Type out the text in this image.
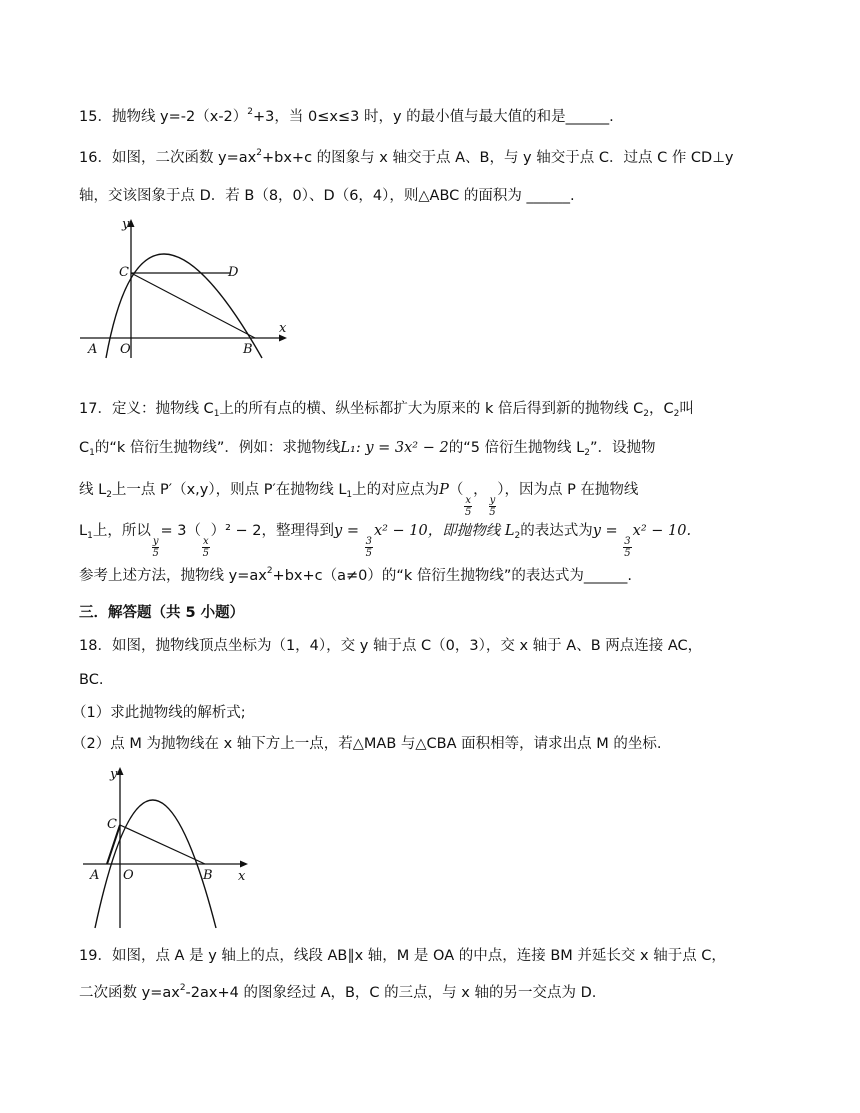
15．抛物线 $y=-2(x-2)^2+3$，当 0≤x≤3 时，y 的最小值与最大值的和是______.
16．如图，二次函数 $y=ax^2+bx+c$ 的图象与 x 轴交于点 A、B，与 y 轴交于点 C．过点 C 作 CD⊥y
轴，交该图象于点 D．若 B（8，0）、D（6，4），则△ABC 的面积为 ______.
y
x
A O	B
C	D
17．定义：抛物线 $C_1$上的所有点的横、纵坐标都扩大为原来的 k 倍后得到新的抛物线 $C_2$，$C_2$叫
$C_1$的“k 倍衍生抛物线”．例如：求抛物线L₁: y = 3x² − 2的“5 倍衍生抛物线 $L_2$”．设抛物
线 $L_2$上一点 P′（x,y），则点 P′在抛物线 $L_1$上的对应点为P（
$\frac{x}{5}$
，
$\frac{y}{5}$
），因为点 P 在抛物线
$L_1$上，所以
$\frac{y}{5}$
= 3（
$\frac{x}{5}$
）² − 2，整理得到y =
$\frac{3}{5}$
x² − 10，即抛物线 $L_2$的表达式为y =
$\frac{3}{5}$
x² − 10.
参考上述方法，抛物线 $y=ax^2+bx+c(a\ne 0)$的“k 倍衍生抛物线”的表达式为______.
三．解答题（共 5 小题）
18．如图，抛物线顶点坐标为（1，4），交 y 轴于点 C（0，3），交 x 轴于 A、B 两点连接 AC，
BC.
（1）求此抛物线的解析式;
（2）点 M 为抛物线在 x 轴下方上一点，若△MAB 与△CBA 面积相等，请求出点 M 的坐标.
y
x
A O	B
C
19．如图，点 A 是 y 轴上的点，线段 AB∥x 轴，M 是 OA 的中点，连接 BM 并延长交 x 轴于点 C，
二次函数 $y=ax^2-2ax+4$ 的图象经过 A，B，C 的三点，与 x 轴的另一交点为 D.
